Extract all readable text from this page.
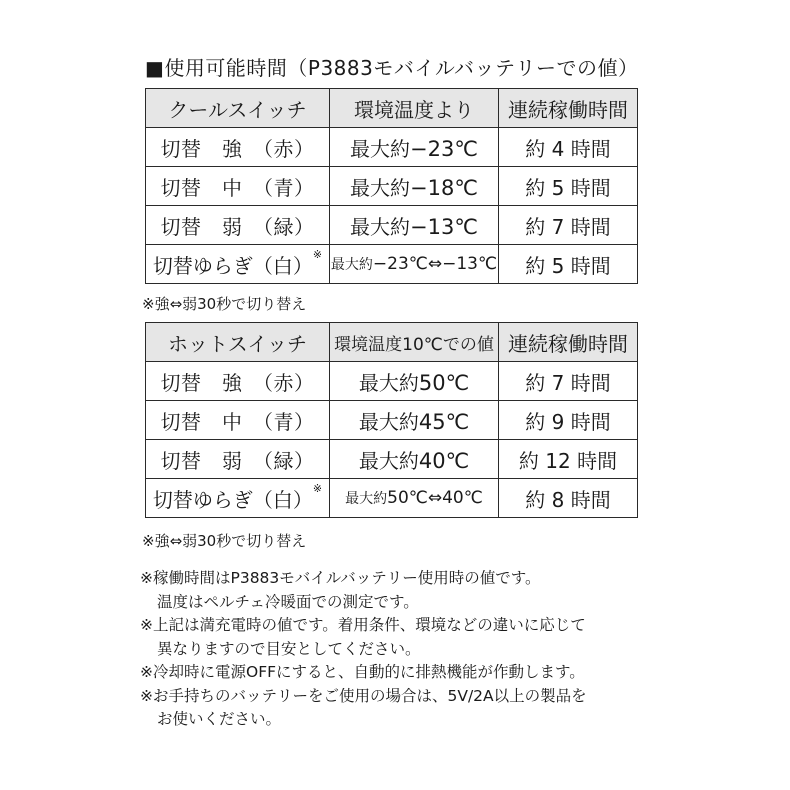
■使用可能時間（P3883モバイルバッテリーでの値）
クールスイッチ	環境温度より	連続稼働時間
切替　強　（赤）	最大約−23℃	約 4 時間
切替　中　（青）	最大約−18℃	約 5 時間
切替　弱　（緑）	最大約−13℃	約 7 時間
切替ゆらぎ（白）※	最大約−23℃⇔−13℃	約 5 時間
※強⇔弱30秒で切り替え
ホットスイッチ	環境温度10℃での値	連続稼働時間
切替　強　（赤）	最大約50℃	約 7 時間
切替　中　（青）	最大約45℃	約 9 時間
切替　弱　（緑）	最大約40℃	約 12 時間
切替ゆらぎ（白）※	最大約50℃⇔40℃	約 8 時間
※強⇔弱30秒で切り替え
※稼働時間はP3883モバイルバッテリー使用時の値です。
温度はペルチェ冷暖面での測定です。
※上記は満充電時の値です。着用条件、環境などの違いに応じて
異なりますので目安としてください。
※冷却時に電源OFFにすると、自動的に排熱機能が作動します。
※お手持ちのバッテリーをご使用の場合は、5V/2A以上の製品を
お使いください。
